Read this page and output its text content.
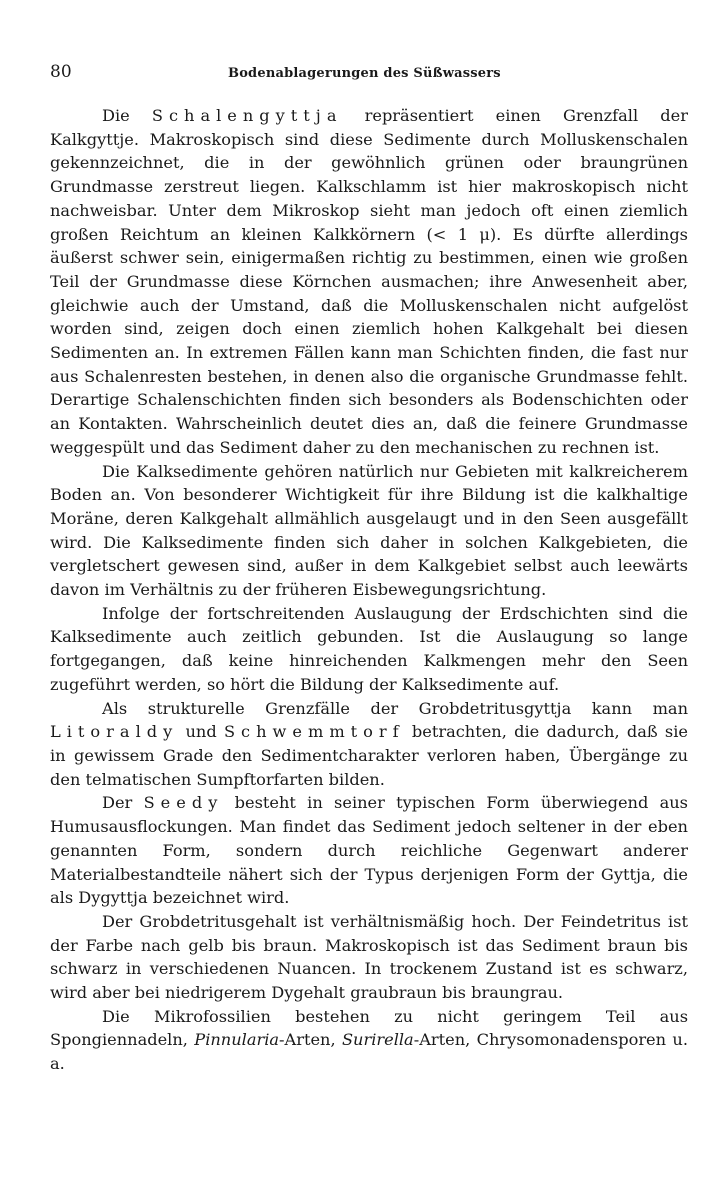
80	Bodenablagerungen des Süßwassers

Die Schalengyttja repräsentiert einen Grenzfall der Kalkgyttje. Makroskopisch sind diese Sedimente durch Molluskenschalen gekennzeichnet, die in der gewöhnlich grünen oder braungrünen Grundmasse zerstreut liegen. Kalkschlamm ist hier makroskopisch nicht nachweisbar. Unter dem Mikroskop sieht man jedoch oft einen ziemlich großen Reichtum an kleinen Kalkkörnern (< 1 μ). Es dürfte allerdings äußerst schwer sein, einigermaßen richtig zu bestimmen, einen wie großen Teil der Grundmasse diese Körnchen ausmachen; ihre Anwesenheit aber, gleichwie auch der Umstand, daß die Molluskenschalen nicht aufgelöst worden sind, zeigen doch einen ziemlich hohen Kalkgehalt bei diesen Sedimenten an. In extremen Fällen kann man Schichten finden, die fast nur aus Schalenresten bestehen, in denen also die organische Grundmasse fehlt. Derartige Schalenschichten finden sich besonders als Bodenschichten oder an Kontakten. Wahrscheinlich deutet dies an, daß die feinere Grundmasse weggespült und das Sediment daher zu den mechanischen zu rechnen ist.

Die Kalksedimente gehören natürlich nur Gebieten mit kalkreicherem Boden an. Von besonderer Wichtigkeit für ihre Bildung ist die kalkhaltige Moräne, deren Kalkgehalt allmählich ausgelaugt und in den Seen ausgefällt wird. Die Kalksedimente finden sich daher in solchen Kalkgebieten, die vergletschert gewesen sind, außer in dem Kalkgebiet selbst auch leewärts davon im Verhältnis zu der früheren Eisbewegungsrichtung.

Infolge der fortschreitenden Auslaugung der Erdschichten sind die Kalksedimente auch zeitlich gebunden. Ist die Auslaugung so lange fortgegangen, daß keine hinreichenden Kalkmengen mehr den Seen zugeführt werden, so hört die Bildung der Kalksedimente auf.

Als strukturelle Grenzfälle der Grobdetritusgyttja kann man Litoraldy und Schwemmtorf betrachten, die dadurch, daß sie in gewissem Grade den Sedimentcharakter verloren haben, Übergänge zu den telmatischen Sumpftorfarten bilden.

Der Seedy besteht in seiner typischen Form überwiegend aus Humusausflockungen. Man findet das Sediment jedoch seltener in der eben genannten Form, sondern durch reichliche Gegenwart anderer Materialbestandteile nähert sich der Typus derjenigen Form der Gyttja, die als Dygyttja bezeichnet wird.

Der Grobdetritusgehalt ist verhältnismäßig hoch. Der Feindetritus ist der Farbe nach gelb bis braun. Makroskopisch ist das Sediment braun bis schwarz in verschiedenen Nuancen. In trockenem Zustand ist es schwarz, wird aber bei niedrigerem Dygehalt graubraun bis braungrau.

Die Mikrofossilien bestehen zu nicht geringem Teil aus Spongiennadeln, Pinnularia-Arten, Surirella-Arten, Chrysomonadensporen u. a.
